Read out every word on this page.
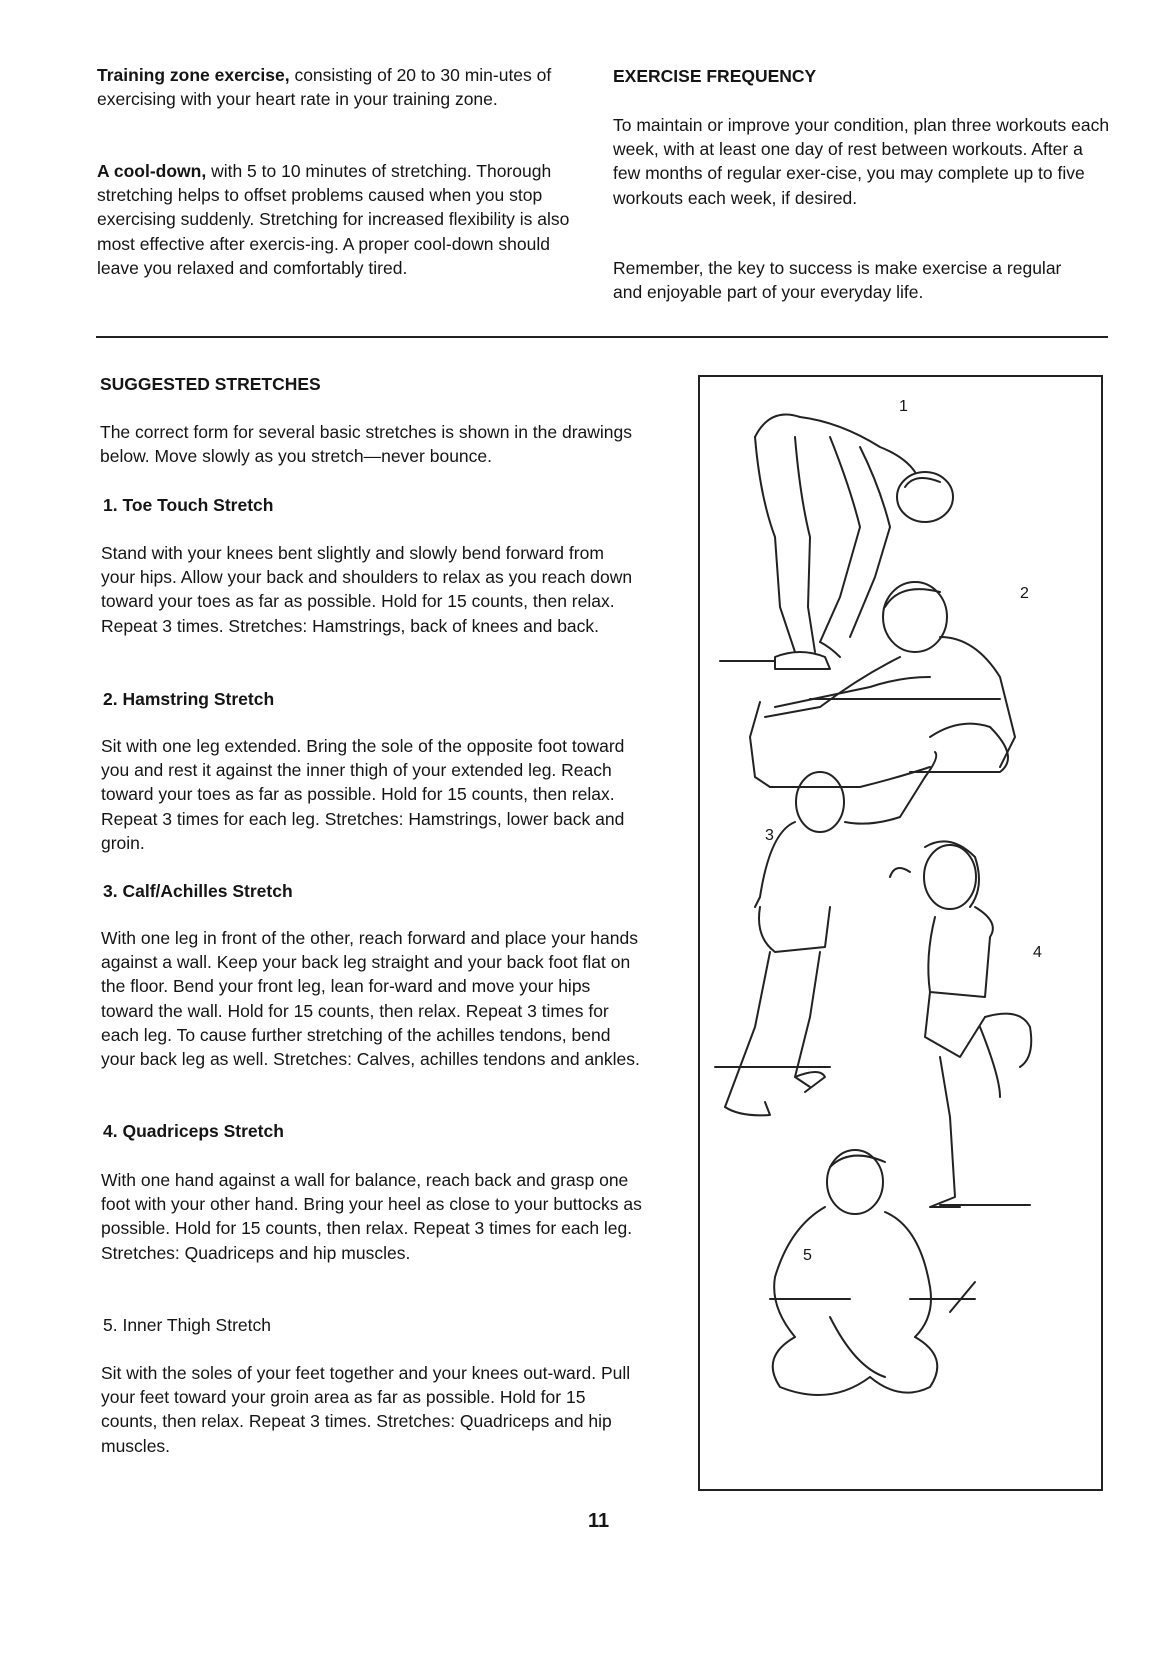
Training zone exercise, consisting of 20 to 30 min-utes of exercising with your heart rate in your training zone.

A cool-down, with 5 to 10 minutes of stretching. Thorough stretching helps to offset problems caused when you stop exercising suddenly. Stretching for increased flexibility is also most effective after exercis-ing. A proper cool-down should leave you relaxed and comfortably tired.

EXERCISE FREQUENCY

To maintain or improve your condition, plan three workouts each week, with at least one day of rest between workouts. After a few months of regular exer-cise, you may complete up to five workouts each week, if desired.

Remember, the key to success is make exercise a regular and enjoyable part of your everyday life.

SUGGESTED STRETCHES

The correct form for several basic stretches is shown in the drawings below. Move slowly as you stretch—never bounce.

1. Toe Touch Stretch

Stand with your knees bent slightly and slowly bend forward from your hips. Allow your back and shoulders to relax as you reach down toward your toes as far as possible. Hold for 15 counts, then relax. Repeat 3 times. Stretches: Hamstrings, back of knees and back.

2. Hamstring Stretch

Sit with one leg extended. Bring the sole of the opposite foot toward you and rest it against the inner thigh of your extended leg. Reach toward your toes as far as possible. Hold for 15 counts, then relax. Repeat 3 times for each leg. Stretches: Hamstrings, lower back and groin.

3. Calf/Achilles Stretch

With one leg in front of the other, reach forward and place your hands against a wall. Keep your back leg straight and your back foot flat on the floor. Bend your front leg, lean for-ward and move your hips toward the wall. Hold for 15 counts, then relax. Repeat 3 times for each leg. To cause further stretching of the achilles tendons, bend your back leg as well. Stretches: Calves, achilles tendons and ankles.

4. Quadriceps Stretch

With one hand against a wall for balance, reach back and grasp one foot with your other hand. Bring your heel as close to your buttocks as possible. Hold for 15 counts, then relax. Repeat 3 times for each leg. Stretches: Quadriceps and hip muscles.

5. Inner Thigh Stretch

Sit with the soles of your feet together and your knees out-ward. Pull your feet toward your groin area as far as possible. Hold for 15 counts, then relax. Repeat 3 times. Stretches: Quadriceps and hip muscles.

1
2
3
4
5
11
